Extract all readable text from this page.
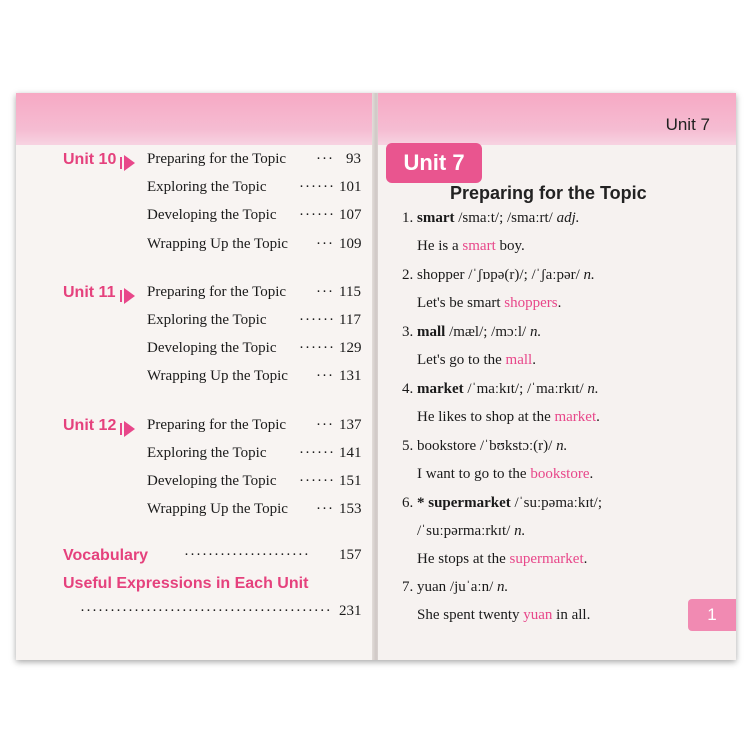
Unit 10 Preparing for the Topic ··· 93
Exploring the Topic ······ 101
Developing the Topic ······ 107
Wrapping Up the Topic ··· 109
Unit 11 Preparing for the Topic ··· 115
Exploring the Topic ······ 117
Developing the Topic ······ 129
Wrapping Up the Topic ··· 131
Unit 12 Preparing for the Topic ··· 137
Exploring the Topic ······ 141
Developing the Topic ······ 151
Wrapping Up the Topic ··· 153
Vocabulary ····················· 157
Useful Expressions in Each Unit
·········································· 231
Unit 7
Unit 7
Preparing for the Topic
1. smart /smaːt/; /smaːrt/ adj.
He is a smart boy.
2. shopper /ˈʃɒpə(r)/; /ˈʃaːpər/ n.
Let's be smart shoppers.
3. mall /mæl/; /mɔːl/ n.
Let's go to the mall.
4. market /ˈmaːkɪt/; /ˈmaːrkɪt/ n.
He likes to shop at the market.
5. bookstore /ˈbʊkstɔː(r)/ n.
I want to go to the bookstore.
6. * supermarket /ˈsuːpəmaːkɪt/;
/ˈsuːpərmaːrkɪt/ n.
He stops at the supermarket.
7. yuan /juˈaːn/ n.
She spent twenty yuan in all.	1
